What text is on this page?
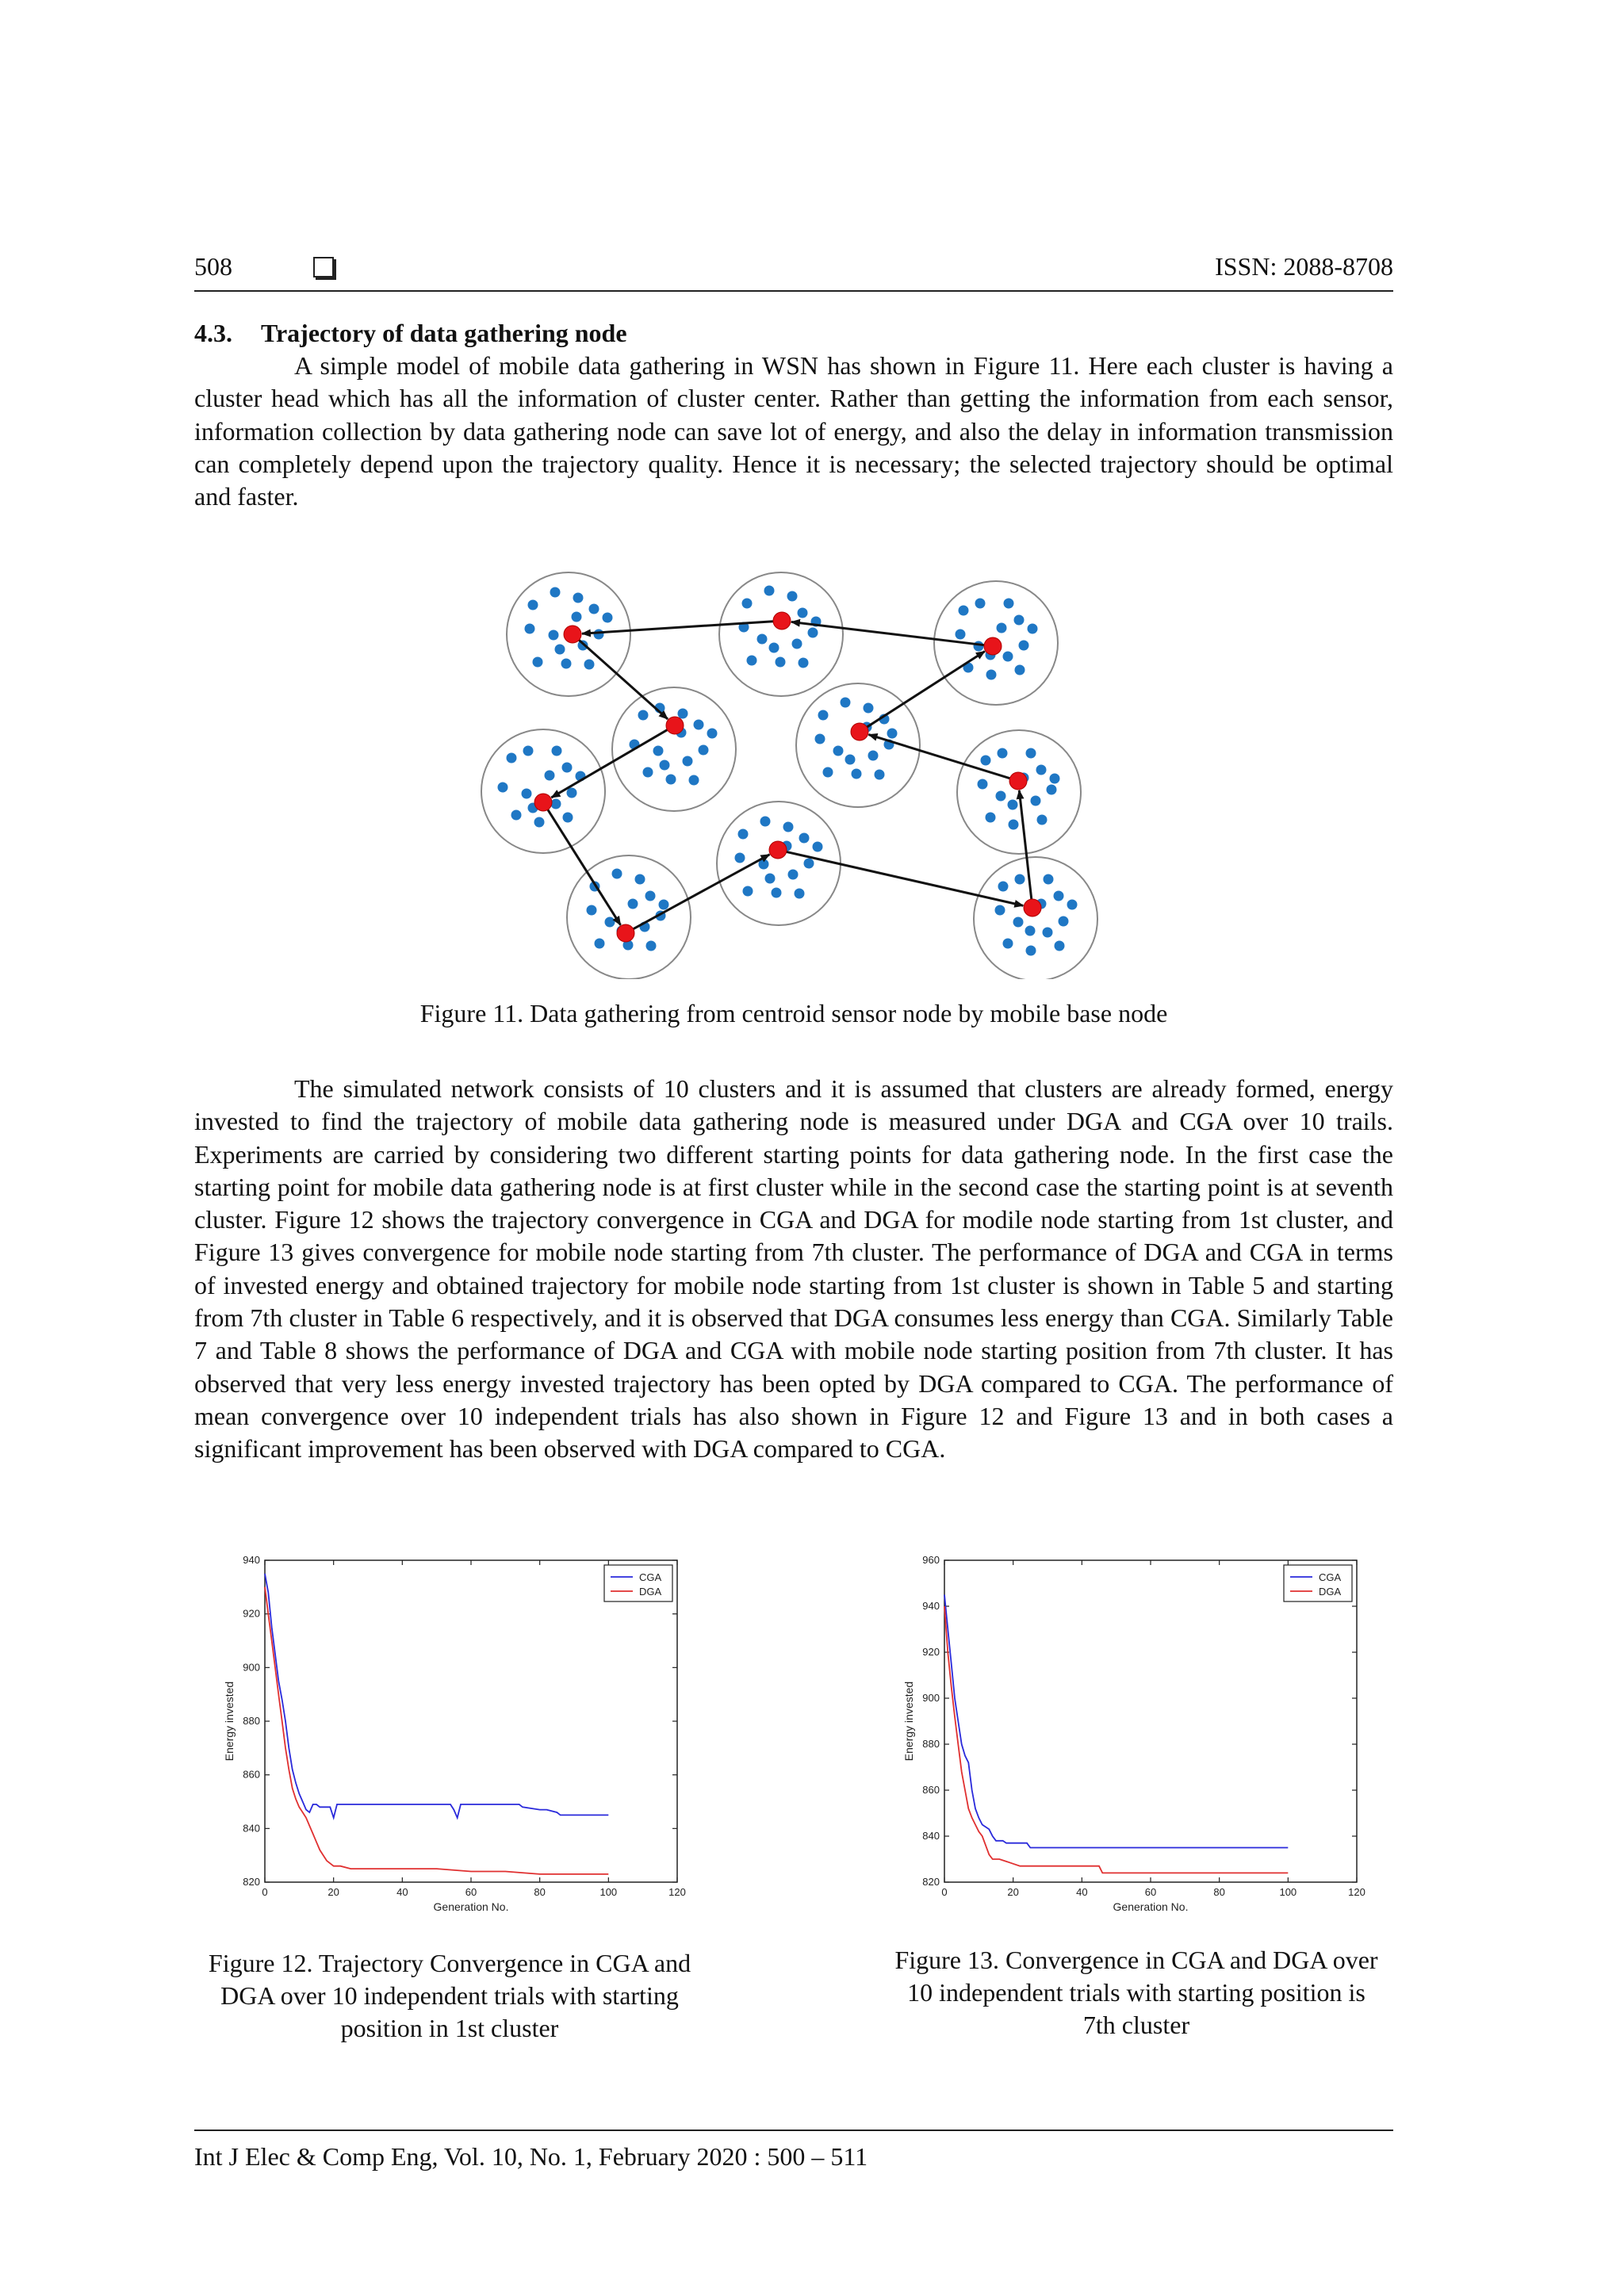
508	ISSN: 2088-8708
4.3. Trajectory of data gathering node
A simple model of mobile data gathering in WSN has shown in Figure 11. Here each cluster is having a cluster head which has all the information of cluster center. Rather than getting the information from each sensor, information collection by data gathering node can save lot of energy, and also the delay in information transmission can completely depend upon the trajectory quality. Hence it is necessary; the selected trajectory should be optimal and faster.
Figure 11. Data gathering from centroid sensor node by mobile base node
The simulated network consists of 10 clusters and it is assumed that clusters are already formed, energy invested to find the trajectory of mobile data gathering node is measured under DGA and CGA over 10 trails. Experiments are carried by considering two different starting points for data gathering node. In the first case the starting point for mobile data gathering node is at first cluster while in the second case the starting point is at seventh cluster. Figure 12 shows the trajectory convergence in CGA and DGA for modile node starting from 1st cluster, and Figure 13 gives convergence for mobile node starting from 7th cluster. The performance of DGA and CGA in terms of invested energy and obtained trajectory for mobile node starting from 1st cluster is shown in Table 5 and starting from 7th cluster in Table 6 respectively, and it is observed that DGA consumes less energy than CGA. Similarly Table 7 and Table 8 shows the performance of DGA and CGA with mobile node starting position from 7th cluster. It has observed that very less energy invested trajectory has been opted by DGA compared to CGA. The performance of mean convergence over 10 independent trials has also shown in Figure 12 and Figure 13 and in both cases a significant improvement has been observed with DGA compared to CGA.
0	20	40	60	80	100	120
820
840
860
880
900
920
940
Generation No.
Energy invested
CGA
DGA
Figure 12. Trajectory Convergence in CGA and DGA over 10 independent trials with starting position in 1st cluster
0	20	40	60	80	100	120
820
840
860
880
900
920
940
960
Generation No.
Energy invested
CGA
DGA
Figure 13. Convergence in CGA and DGA over 10 independent trials with starting position is 7th cluster
Int J Elec & Comp Eng, Vol. 10, No. 1, February 2020 : 500 – 511
